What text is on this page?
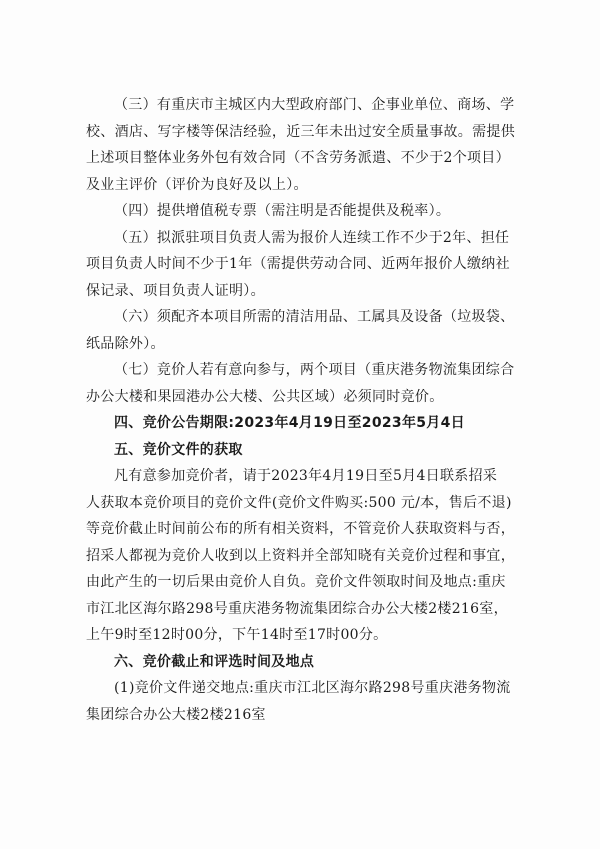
（三）有重庆市主城区内大型政府部门、企事业单位、商场、学
校、酒店、写字楼等保洁经验，近三年未出过安全质量事故。需提供
上述项目整体业务外包有效合同（不含劳务派遣、不少于2个项目）
及业主评价（评价为良好及以上）。
（四）提供增值税专票（需注明是否能提供及税率）。
（五）拟派驻项目负责人需为报价人连续工作不少于2年、担任
项目负责人时间不少于1年（需提供劳动合同、近两年报价人缴纳社
保记录、项目负责人证明）。
（六）须配齐本项目所需的清洁用品、工属具及设备（垃圾袋、
纸品除外）。
（七）竞价人若有意向参与，两个项目（重庆港务物流集团综合
办公大楼和果园港办公大楼、公共区域）必须同时竞价。
四、竞价公告期限:2023年4月19日至2023年5月4日
五、竞价文件的获取
凡有意参加竞价者，请于2023年4月19日至5月4日联系招采
人获取本竞价项目的竞价文件(竞价文件购买:500 元/本，售后不退)
等竞价截止时间前公布的所有相关资料，不管竞价人获取资料与否，
招采人都视为竞价人收到以上资料并全部知晓有关竞价过程和事宜，
由此产生的一切后果由竞价人自负。竞价文件领取时间及地点:重庆
市江北区海尔路298号重庆港务物流集团综合办公大楼2楼216室，
上午9时至12时00分，下午14时至17时00分。
六、竞价截止和评选时间及地点
(1)竞价文件递交地点:重庆市江北区海尔路298号重庆港务物流
集团综合办公大楼2楼216室
